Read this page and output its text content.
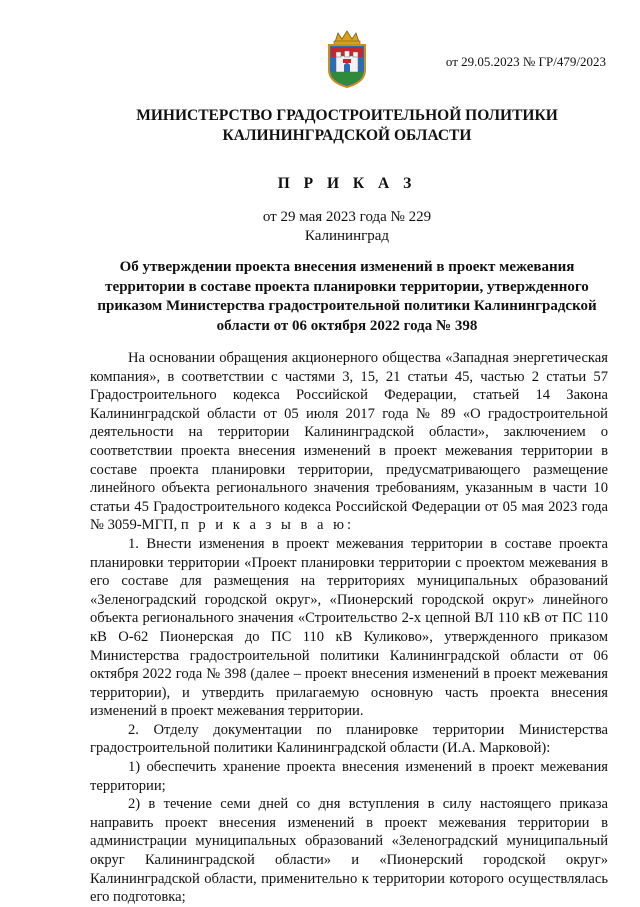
от 29.05.2023 № ГР/479/2023
МИНИСТЕРСТВО ГРАДОСТРОИТЕЛЬНОЙ ПОЛИТИКИ
КАЛИНИНГРАДСКОЙ ОБЛАСТИ
П Р И К А З
от 29 мая 2023 года № 229
Калининград
Об утверждении проекта внесения изменений в проект межевания
территории в составе проекта планировки территории, утвержденного
приказом Министерства градостроительной политики Калининградской
области от 06 октября 2022 года № 398

На основании обращения акционерного общества «Западная энергетическая компания», в соответствии с частями 3, 15, 21 статьи 45, частью 2 статьи 57 Градостроительного кодекса Российской Федерации, статьей 14 Закона Калининградской области от 05 июля 2017 года № 89 «О градостроительной деятельности на территории Калининградской области», заключением о соответствии проекта внесения изменений в проект межевания территории в составе проекта планировки территории, предусматривающего размещение линейного объекта регионального значения требованиям, указанным в части 10 статьи 45 Градостроительного кодекса Российской Федерации от 05 мая 2023 года № 3059-МГП, п р и к а з ы в а ю:

1. Внести изменения в проект межевания территории в составе проекта планировки территории «Проект планировки территории с проектом межевания в его составе для размещения на территориях муниципальных образований «Зеленоградский городской округ», «Пионерский городской округ» линейного объекта регионального значения «Строительство 2-х цепной ВЛ 110 кВ от ПС 110 кВ О-62 Пионерская до ПС 110 кВ Куликово», утвержденного приказом Министерства градостроительной политики Калининградской области от 06 октября 2022 года № 398 (далее – проект внесения изменений в проект межевания территории), и утвердить прилагаемую основную часть проекта внесения изменений в проект межевания территории.

2. Отделу документации по планировке территории Министерства градостроительной политики Калининградской области (И.А. Марковой):

1) обеспечить хранение проекта внесения изменений в проект межевания территории;

2) в течение семи дней со дня вступления в силу настоящего приказа направить проект внесения изменений в проект межевания территории в администрации муниципальных образований «Зеленоградский муниципальный округ Калининградской области» и «Пионерский городской округ» Калининградской области, применительно к территории которого осуществлялась его подготовка;
